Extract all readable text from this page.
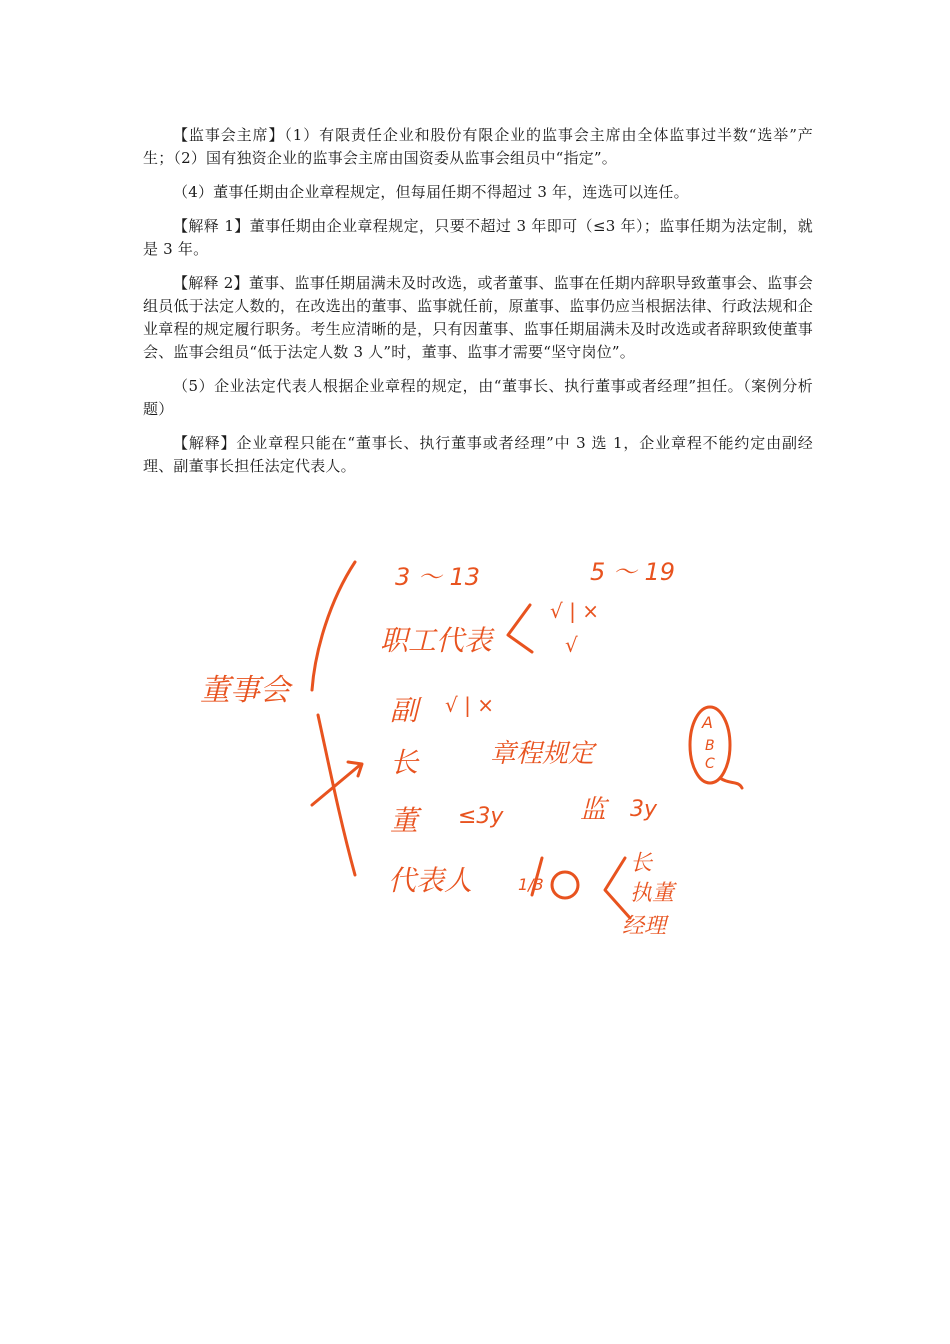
【监事会主席】（1）有限责任企业和股份有限企业的监事会主席由全体监事过半数“选举”产生；（2）国有独资企业的监事会主席由国资委从监事会组员中“指定”。

（4）董事任期由企业章程规定，但每届任期不得超过 3 年，连选可以连任。

【解释 1】董事任期由企业章程规定，只要不超过 3 年即可（≤3 年）；监事任期为法定制，就是 3 年。

【解释 2】董事、监事任期届满未及时改选，或者董事、监事在任期内辞职导致董事会、监事会组员低于法定人数的，在改选出的董事、监事就任前，原董事、监事仍应当根据法律、行政法规和企业章程的规定履行职务。考生应清晰的是，只有因董事、监事任期届满未及时改选或者辞职致使董事会、监事会组员“低于法定人数 3 人”时，董事、监事才需要“坚守岗位”。

（5）企业法定代表人根据企业章程的规定，由“董事长、执行董事或者经理”担任。（案例分析题）

【解释】企业章程只能在“董事长、执行董事或者经理”中 3 选 1，企业章程不能约定由副经理、副董事长担任法定代表人。

董事会
3 ～ 13	5 ～ 19
职工代表
√ | ×
√
副 √ | ×
长	章程规定
董 ≤3y	监 3y
代表人	1/3
长
执董
经理
A
B
C
